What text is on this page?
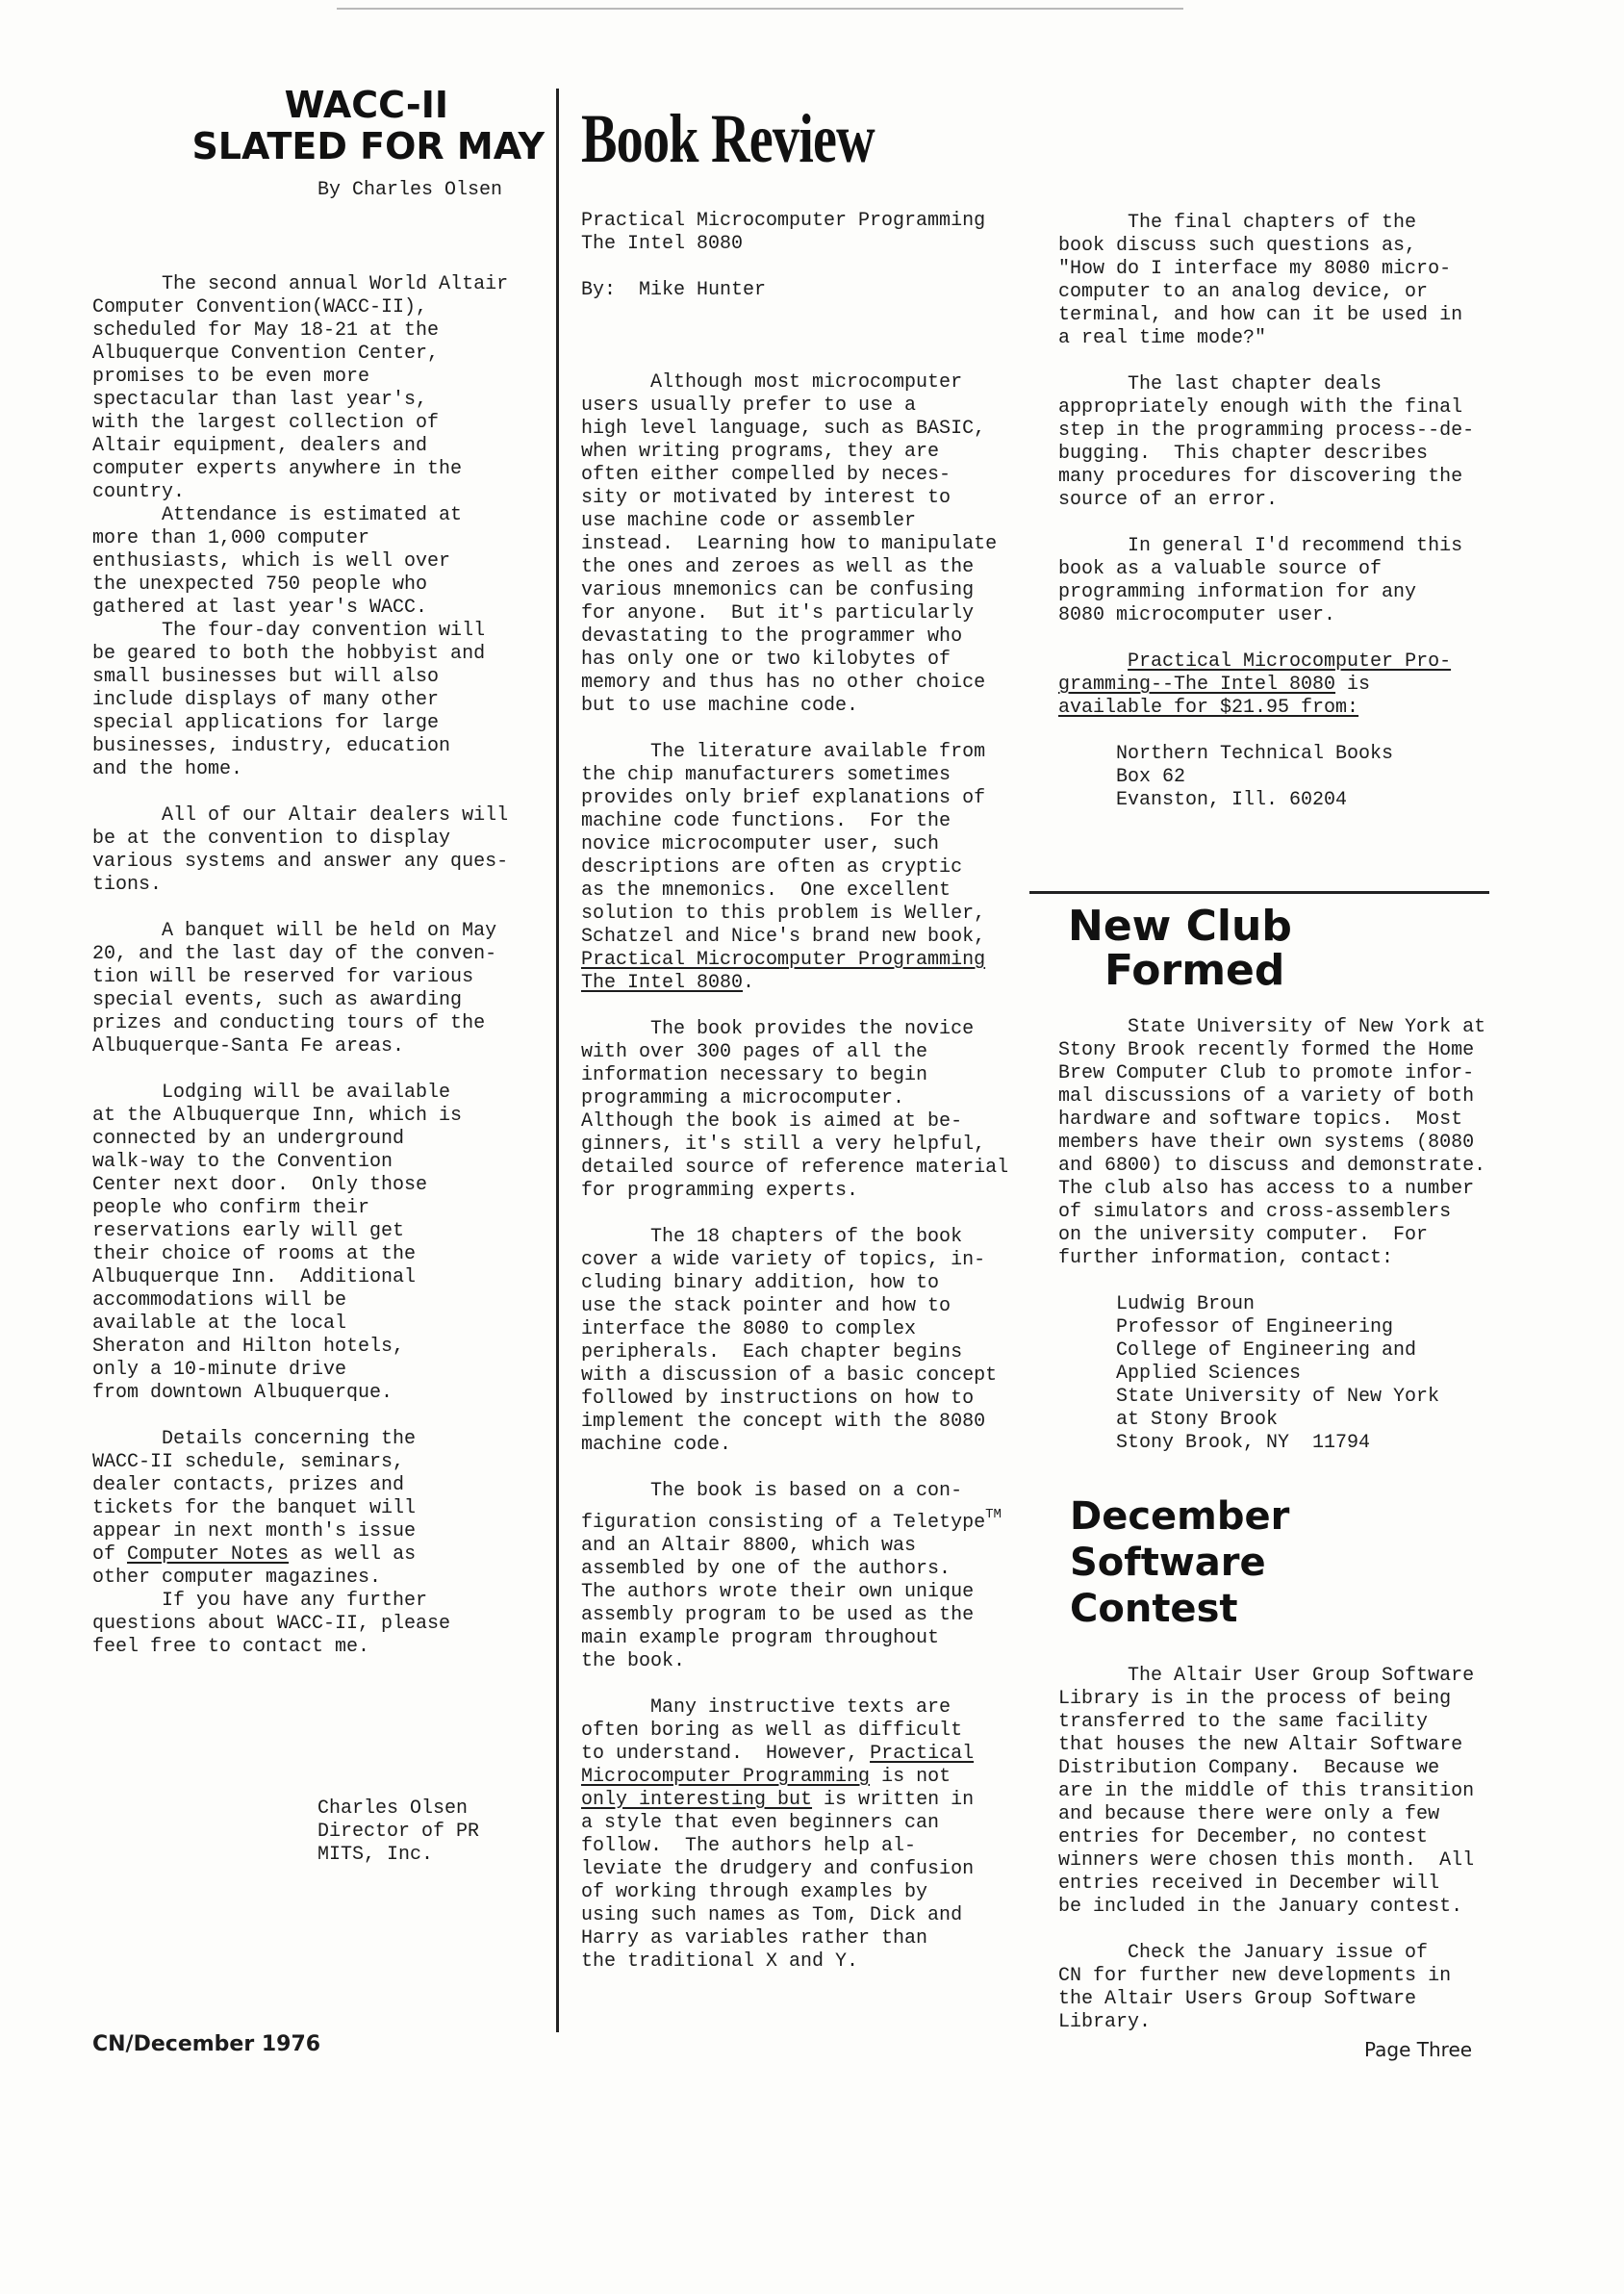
WACC-II
SLATED FOR MAY
By Charles Olsen

The second annual World Altair
Computer Convention(WACC-II),
scheduled for May 18-21 at the
Albuquerque Convention Center,
promises to be even more
spectacular than last year's,
with the largest collection of
Altair equipment, dealers and
computer experts anywhere in the
country.
Attendance is estimated at
more than 1,000 computer
enthusiasts, which is well over
the unexpected 750 people who
gathered at last year's WACC.
The four-day convention will
be geared to both the hobbyist and
small businesses but will also
include displays of many other
special applications for large
businesses, industry, education
and the home.

All of our Altair dealers will
be at the convention to display
various systems and answer any ques-
tions.

A banquet will be held on May
20, and the last day of the conven-
tion will be reserved for various
special events, such as awarding
prizes and conducting tours of the
Albuquerque-Santa Fe areas.

Lodging will be available
at the Albuquerque Inn, which is
connected by an underground
walk-way to the Convention
Center next door.  Only those
people who confirm their
reservations early will get
their choice of rooms at the
Albuquerque Inn.  Additional
accommodations will be
available at the local
Sheraton and Hilton hotels,
only a 10-minute drive
from downtown Albuquerque.

Details concerning the
WACC-II schedule, seminars,
dealer contacts, prizes and
tickets for the banquet will
appear in next month's issue
of Computer Notes as well as
other computer magazines.
If you have any further
questions about WACC-II, please
feel free to contact me.

Charles Olsen
Director of PR
MITS, Inc.
Book Review

Practical Microcomputer Programming
The Intel 8080

By:  Mike Hunter

Although most microcomputer
users usually prefer to use a
high level language, such as BASIC,
when writing programs, they are
often either compelled by neces-
sity or motivated by interest to
use machine code or assembler
instead.  Learning how to manipulate
the ones and zeroes as well as the
various mnemonics can be confusing
for anyone.  But it's particularly
devastating to the programmer who
has only one or two kilobytes of
memory and thus has no other choice
but to use machine code.

The literature available from
the chip manufacturers sometimes
provides only brief explanations of
machine code functions.  For the
novice microcomputer user, such
descriptions are often as cryptic
as the mnemonics.  One excellent
solution to this problem is Weller,
Schatzel and Nice's brand new book,
Practical Microcomputer Programming
The Intel 8080.

The book provides the novice
with over 300 pages of all the
information necessary to begin
programming a microcomputer.
Although the book is aimed at be-
ginners, it's still a very helpful,
detailed source of reference material
for programming experts.

The 18 chapters of the book
cover a wide variety of topics, in-
cluding binary addition, how to
use the stack pointer and how to
interface the 8080 to complex
peripherals.  Each chapter begins
with a discussion of a basic concept
followed by instructions on how to
implement the concept with the 8080
machine code.

The book is based on a con-
figuration consisting of a Teletype™
and an Altair 8800, which was
assembled by one of the authors.
The authors wrote their own unique
assembly program to be used as the
main example program throughout
the book.

Many instructive texts are
often boring as well as difficult
to understand.  However, Practical
Microcomputer Programming is not
only interesting but is written in
a style that even beginners can
follow.  The authors help al-
leviate the drudgery and confusion
of working through examples by
using such names as Tom, Dick and
Harry as variables rather than
the traditional X and Y.

The final chapters of the
book discuss such questions as,
"How do I interface my 8080 micro-
computer to an analog device, or
terminal, and how can it be used in
a real time mode?"

The last chapter deals
appropriately enough with the final
step in the programming process--de-
bugging.  This chapter describes
many procedures for discovering the
source of an error.

In general I'd recommend this
book as a valuable source of
programming information for any
8080 microcomputer user.

Practical Microcomputer Pro-
gramming--The Intel 8080 is
available for $21.95 from:

Northern Technical Books
Box 62
Evanston, Ill. 60204

New Club
Formed

State University of New York at
Stony Brook recently formed the Home
Brew Computer Club to promote infor-
mal discussions of a variety of both
hardware and software topics.  Most
members have their own systems (8080
and 6800) to discuss and demonstrate.
The club also has access to a number
of simulators and cross-assemblers
on the university computer.  For
further information, contact:

Ludwig Broun
Professor of Engineering
College of Engineering and
Applied Sciences
State University of New York
at Stony Brook
Stony Brook, NY  11794

December
Software
Contest

The Altair User Group Software
Library is in the process of being
transferred to the same facility
that houses the new Altair Software
Distribution Company.  Because we
are in the middle of this transition
and because there were only a few
entries for December, no contest
winners were chosen this month.  All
entries received in December will
be included in the January contest.

Check the January issue of
CN for further new developments in
the Altair Users Group Software
Library.

CN/December 1976	Page Three
